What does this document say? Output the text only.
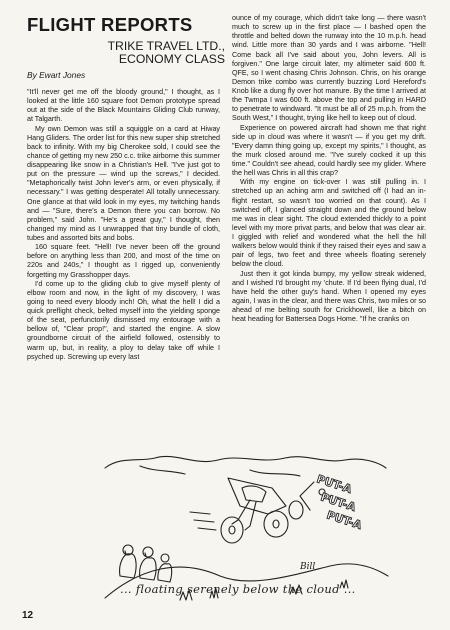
FLIGHT REPORTS
TRIKE TRAVEL LTD.,
ECONOMY CLASS

By Ewart Jones

"It'll never get me off the bloody ground," I thought, as I looked at the little 160 square foot Demon prototype spread out at the side of the Black Mountains Gliding Club runway, at Talgarth.

My own Demon was still a squiggle on a card at Hiway Hang Gliders. The order list for this new super ship stretched back to infinity. With my big Cherokee sold, I could see the chance of getting my new 250 c.c. trike airborne this summer disappearing like snow in a Christian's Hell. "I've just got to put on the pressure — wind up the screws," I decided. "Metaphorically twist John lever's arm, or even physically, if necessary." I was getting desperate! All totally unnecessary. One glance at that wild look in my eyes, my twitching hands and — "Sure, there's a Demon there you can borrow. No problem," said John. "He's a great guy," I thought, then changed my mind as I unwrapped that tiny bundle of cloth, tubes and assorted bits and bobs.

160 square feet. "Hell! I've never been off the ground before on anything less than 200, and most of the time on 220s and 240s," I thought as I rigged up, conveniently forgetting my Grasshopper days.

I'd come up to the gliding club to give myself plenty of elbow room and now, in the light of my discovery, I was going to need every bloody inch! Oh, what the hell! I did a quick preflight check, belted myself into the yielding sponge of the seat, perfunctorily dismissed my entourage with a bellow of, "Clear prop!", and started the engine. A slow groundborne circuit of the airfield followed, ostensibly to warm up, but, in reality, a ploy to delay take off while I psyched up. Screwing up every last

ounce of my courage, which didn't take long — there wasn't much to screw up in the first place — I bashed open the throttle and belted down the runway into the 10 m.p.h. head wind. Little more than 30 yards and I was airborne. "Hell! Come back all I've said about you, John levers. All is forgiven." One large circuit later, my altimeter said 600 ft. QFE, so I went chasing Chris Johnson. Chris, on his orange Demon trike combo was currently buzzing Lord Hereford's Knob like a dung fly over hot manure. By the time I arrived at the Twmpa I was 600 ft. above the top and pulling in HARD to penetrate to windward. "It must be all of 25 m.p.h. from the South West," I thought, trying like hell to keep out of cloud.

Experience on powered aircraft had shown me that right side up in cloud was where it wasn't — if you get my drift. "Every damn thing going up, except my spirits," I thought, as the murk closed around me. "I've surely cocked it up this time." Couldn't see ahead, could hardly see my glider. Where the hell was Chris in all this crap?

With my engine on tick-over I was still pulling in. I stretched up an aching arm and switched off (I had an in-flight restart, so wasn't too worried on that count). As I switched off, I glanced straight down and the ground below me was in clear sight. The cloud extended thickly to a point level with my more privat parts, and below that was clear air. I giggled with relief and wondered what the hell the hill walkers below would think if they raised their eyes and saw a pair of legs, two feet and three wheels floating serenely below the cloud.

Just then it got kinda bumpy, my yellow streak widened, and I wished I'd brought my 'chute. If I'd been flying dual, I'd have held the other guy's hand. When I opened my eyes again, I was in the clear, and there was Chris, two miles or so ahead of me belting south for Crickhowell, like a bitch on heat heading for Battersea Dogs Home. "If he cranks on

PUT-A
PUT-A
PUT-A

Bill

... floating serenely below the cloud ...

12
